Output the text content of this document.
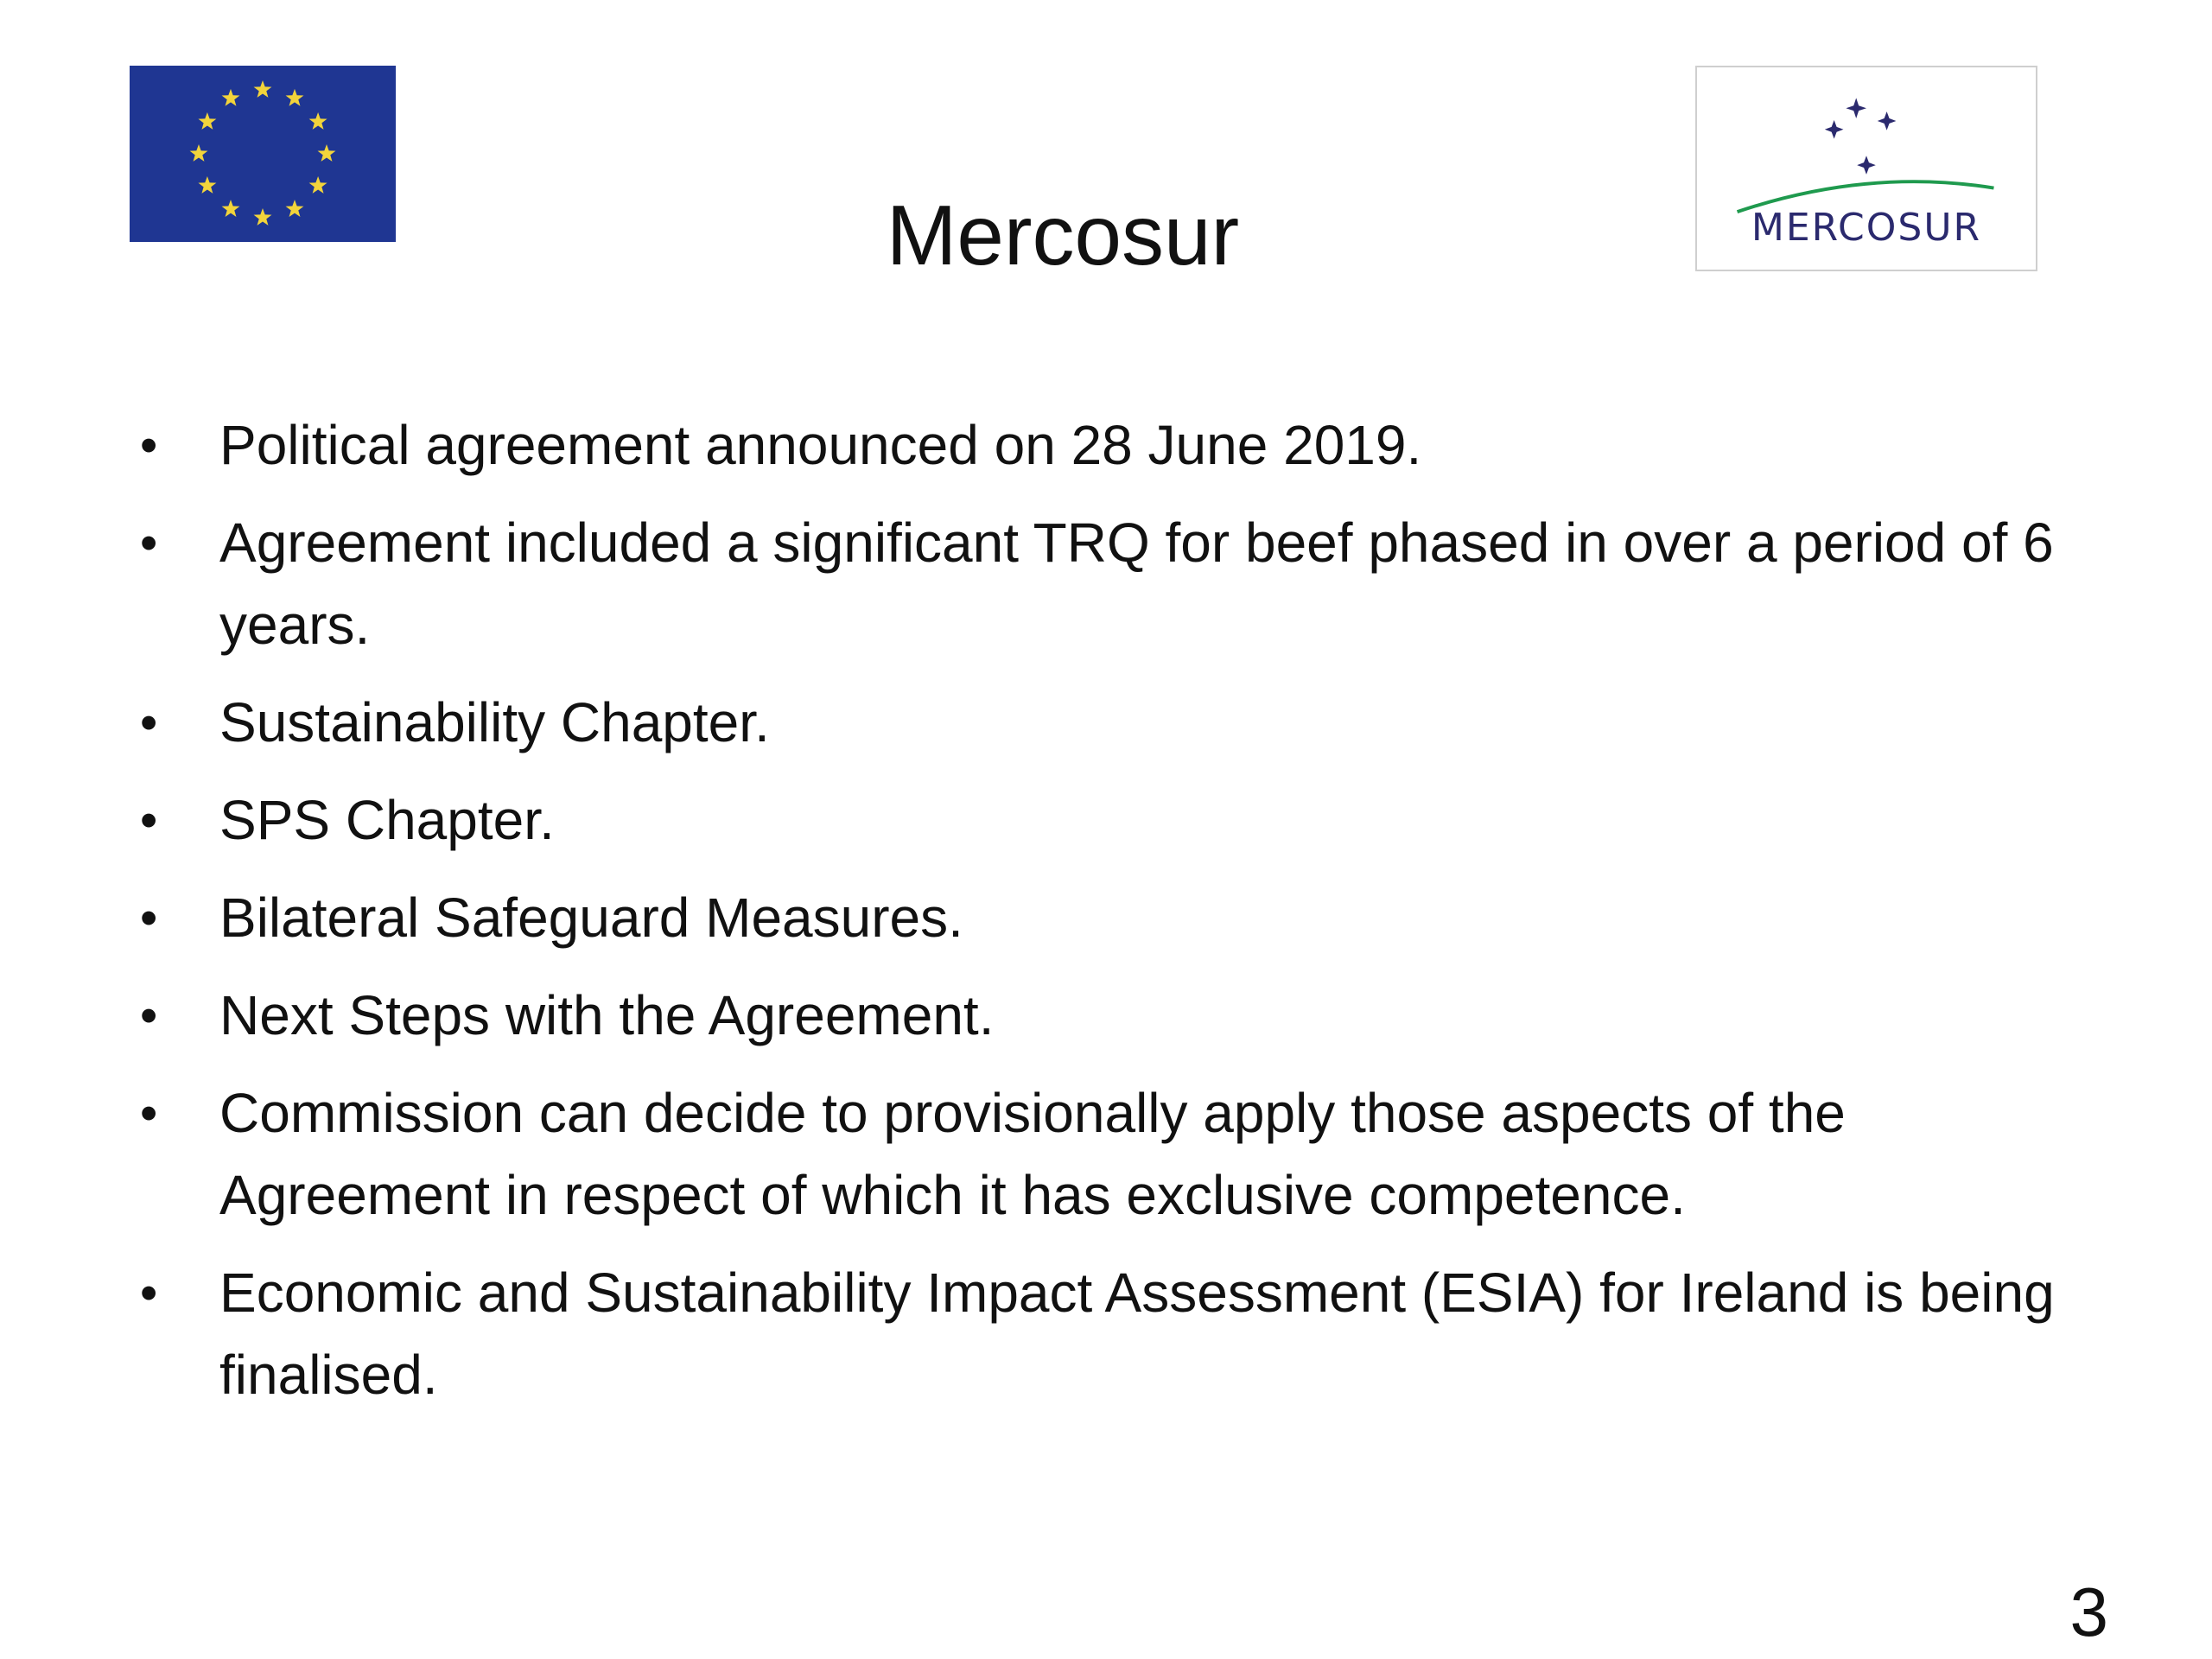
MERCOSUR
Mercosur
• Political agreement announced on 28 June 2019.
• Agreement included a significant TRQ for beef phased in over a period of 6 years.
• Sustainability Chapter.
• SPS Chapter.
• Bilateral Safeguard Measures.
• Next Steps with the Agreement.
• Commission can decide to provisionally apply those aspects of the Agreement in respect of which it has exclusive competence.
• Economic and Sustainability Impact Assessment (ESIA) for Ireland is being finalised.
3
